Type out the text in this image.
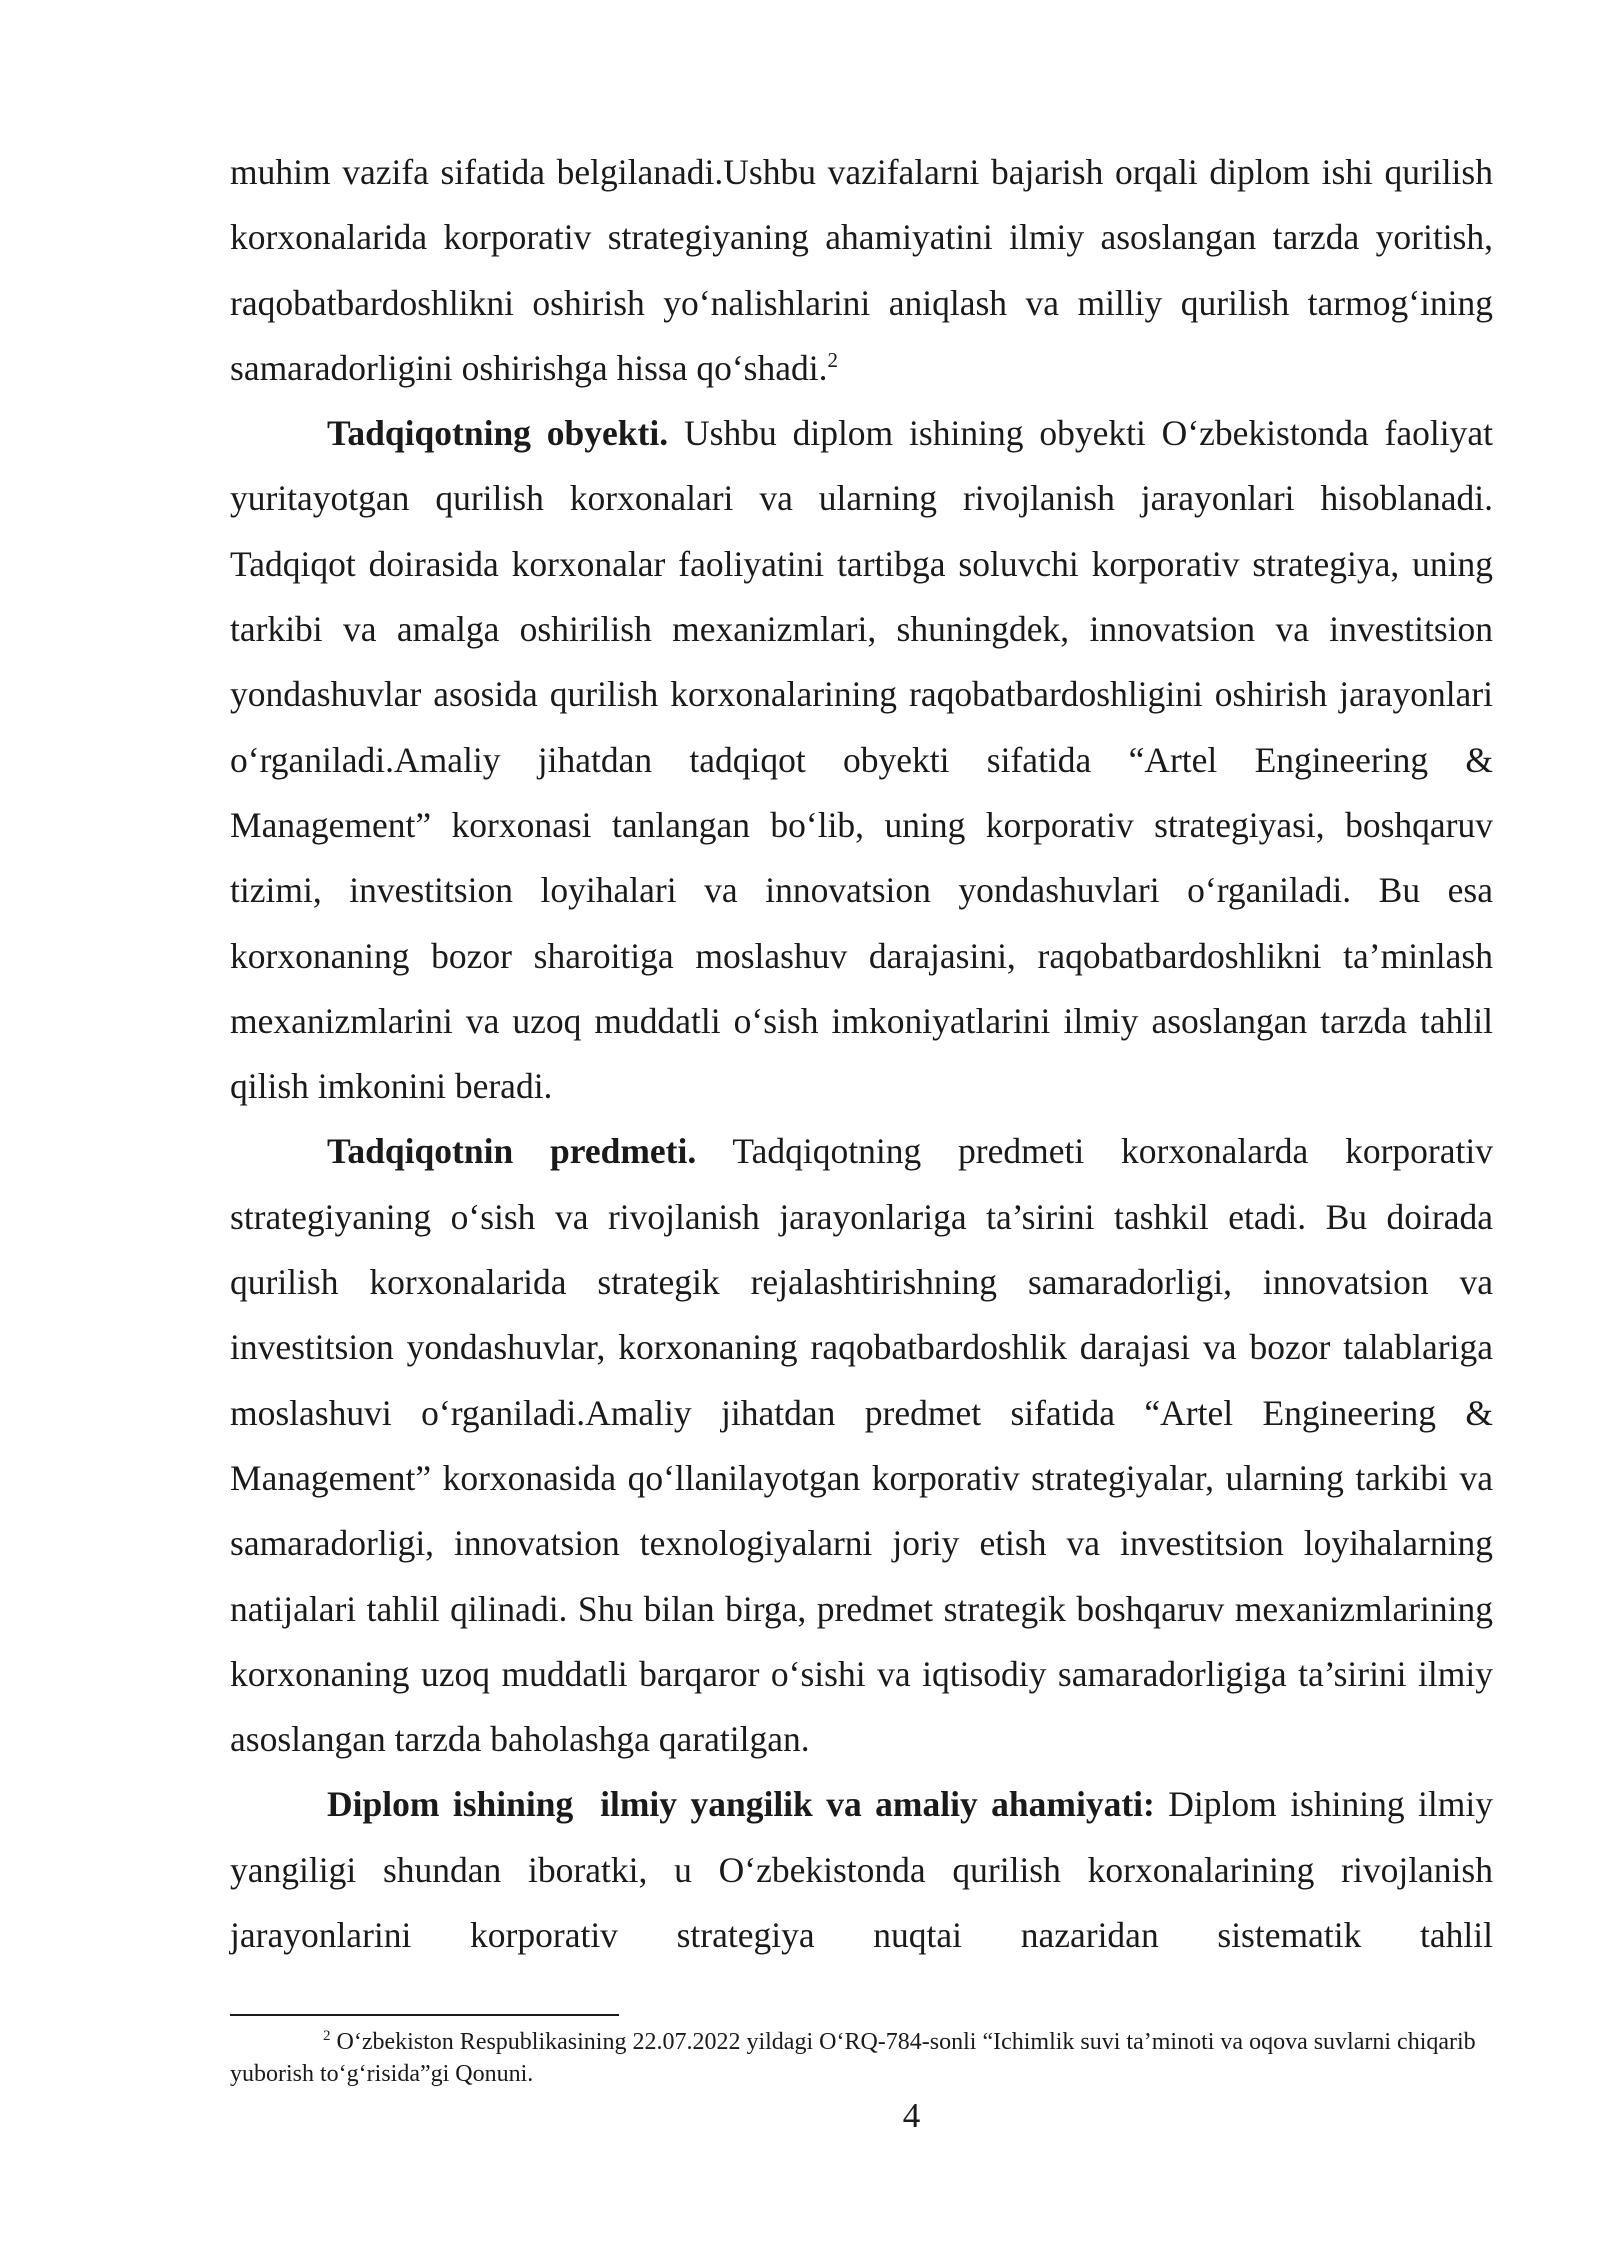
muhim vazifa sifatida belgilanadi.Ushbu vazifalarni bajarish orqali diplom ishi qurilish korxonalarida korporativ strategiyaning ahamiyatini ilmiy asoslangan tarzda yoritish, raqobatbardoshlikni oshirish yo‘nalishlarini aniqlash va milliy qurilish tarmog‘ining samaradorligini oshirishga hissa qo‘shadi.$^2$

Tadqiqotning obyekti. Ushbu diplom ishining obyekti O‘zbekistonda faoliyat yuritayotgan qurilish korxonalari va ularning rivojlanish jarayonlari hisoblanadi. Tadqiqot doirasida korxonalar faoliyatini tartibga soluvchi korporativ strategiya, uning tarkibi va amalga oshirilish mexanizmlari, shuningdek, innovatsion va investitsion yondashuvlar asosida qurilish korxonalarining raqobatbardoshligini oshirish jarayonlari o‘rganiladi.Amaliy jihatdan tadqiqot obyekti sifatida “Artel Engineering & Management” korxonasi tanlangan bo‘lib, uning korporativ strategiyasi, boshqaruv tizimi, investitsion loyihalari va innovatsion yondashuvlari o‘rganiladi. Bu esa korxonaning bozor sharoitiga moslashuv darajasini, raqobatbardoshlikni ta’minlash mexanizmlarini va uzoq muddatli o‘sish imkoniyatlarini ilmiy asoslangan tarzda tahlil qilish imkonini beradi.

Tadqiqotnin predmeti. Tadqiqotning predmeti korxonalarda korporativ strategiyaning o‘sish va rivojlanish jarayonlariga ta’sirini tashkil etadi. Bu doirada qurilish korxonalarida strategik rejalashtirishning samaradorligi, innovatsion va investitsion yondashuvlar, korxonaning raqobatbardoshlik darajasi va bozor talablariga moslashuvi o‘rganiladi.Amaliy jihatdan predmet sifatida “Artel Engineering & Management” korxonasida qo‘llanilayotgan korporativ strategiyalar, ularning tarkibi va samaradorligi, innovatsion texnologiyalarni joriy etish va investitsion loyihalarning natijalari tahlil qilinadi. Shu bilan birga, predmet strategik boshqaruv mexanizmlarining korxonaning uzoq muddatli barqaror o‘sishi va iqtisodiy samaradorligiga ta’sirini ilmiy asoslangan tarzda baholashga qaratilgan.

Diplom ishining  ilmiy yangilik va amaliy ahamiyati: Diplom ishining ilmiy yangiligi shundan iboratki, u O‘zbekistonda qurilish korxonalarining rivojlanish jarayonlarini korporativ strategiya nuqtai nazaridan sistematik tahlil

$^2$ O‘zbekiston Respublikasining 22.07.2022 yildagi O‘RQ-784-sonli “Ichimlik suvi ta’minoti va oqova suvlarni chiqarib yuborish to‘g‘risida”gi Qonuni.

4
